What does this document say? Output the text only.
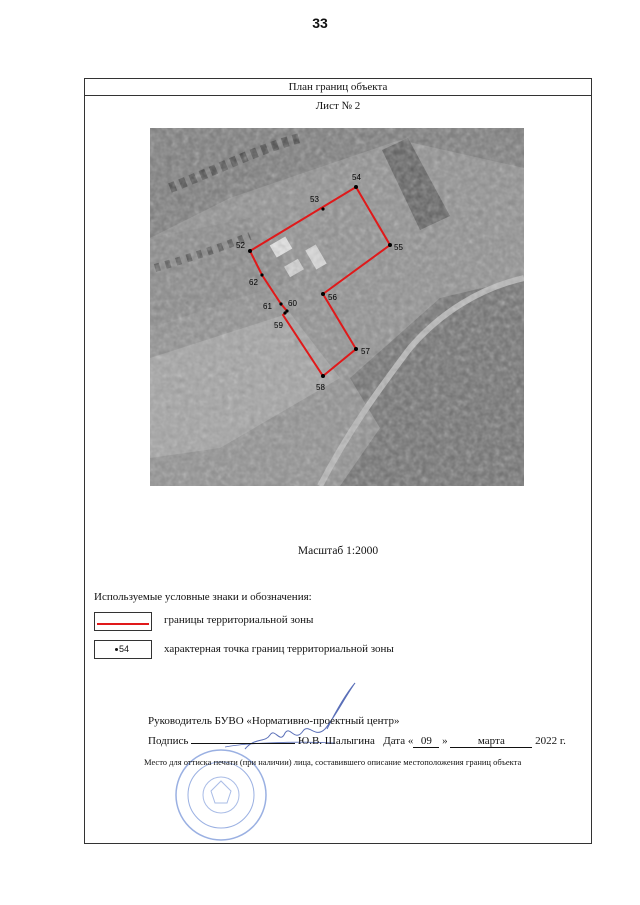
33
План границ объекта
Лист № 2
52
53
54
55
56
57
58
59
60
61
62
Масштаб 1:2000
Используемые условные знаки и обозначения:
границы территориальной зоны
54	характерная точка границ территориальной зоны
Руководитель БУВО «Нормативно-проектный центр»
Подпись	Ю.В. Шалыгина Дата « 09 »	марта	2022 г.
Место для оттиска печати (при наличии) лица, составившего описание местоположения границ объекта
